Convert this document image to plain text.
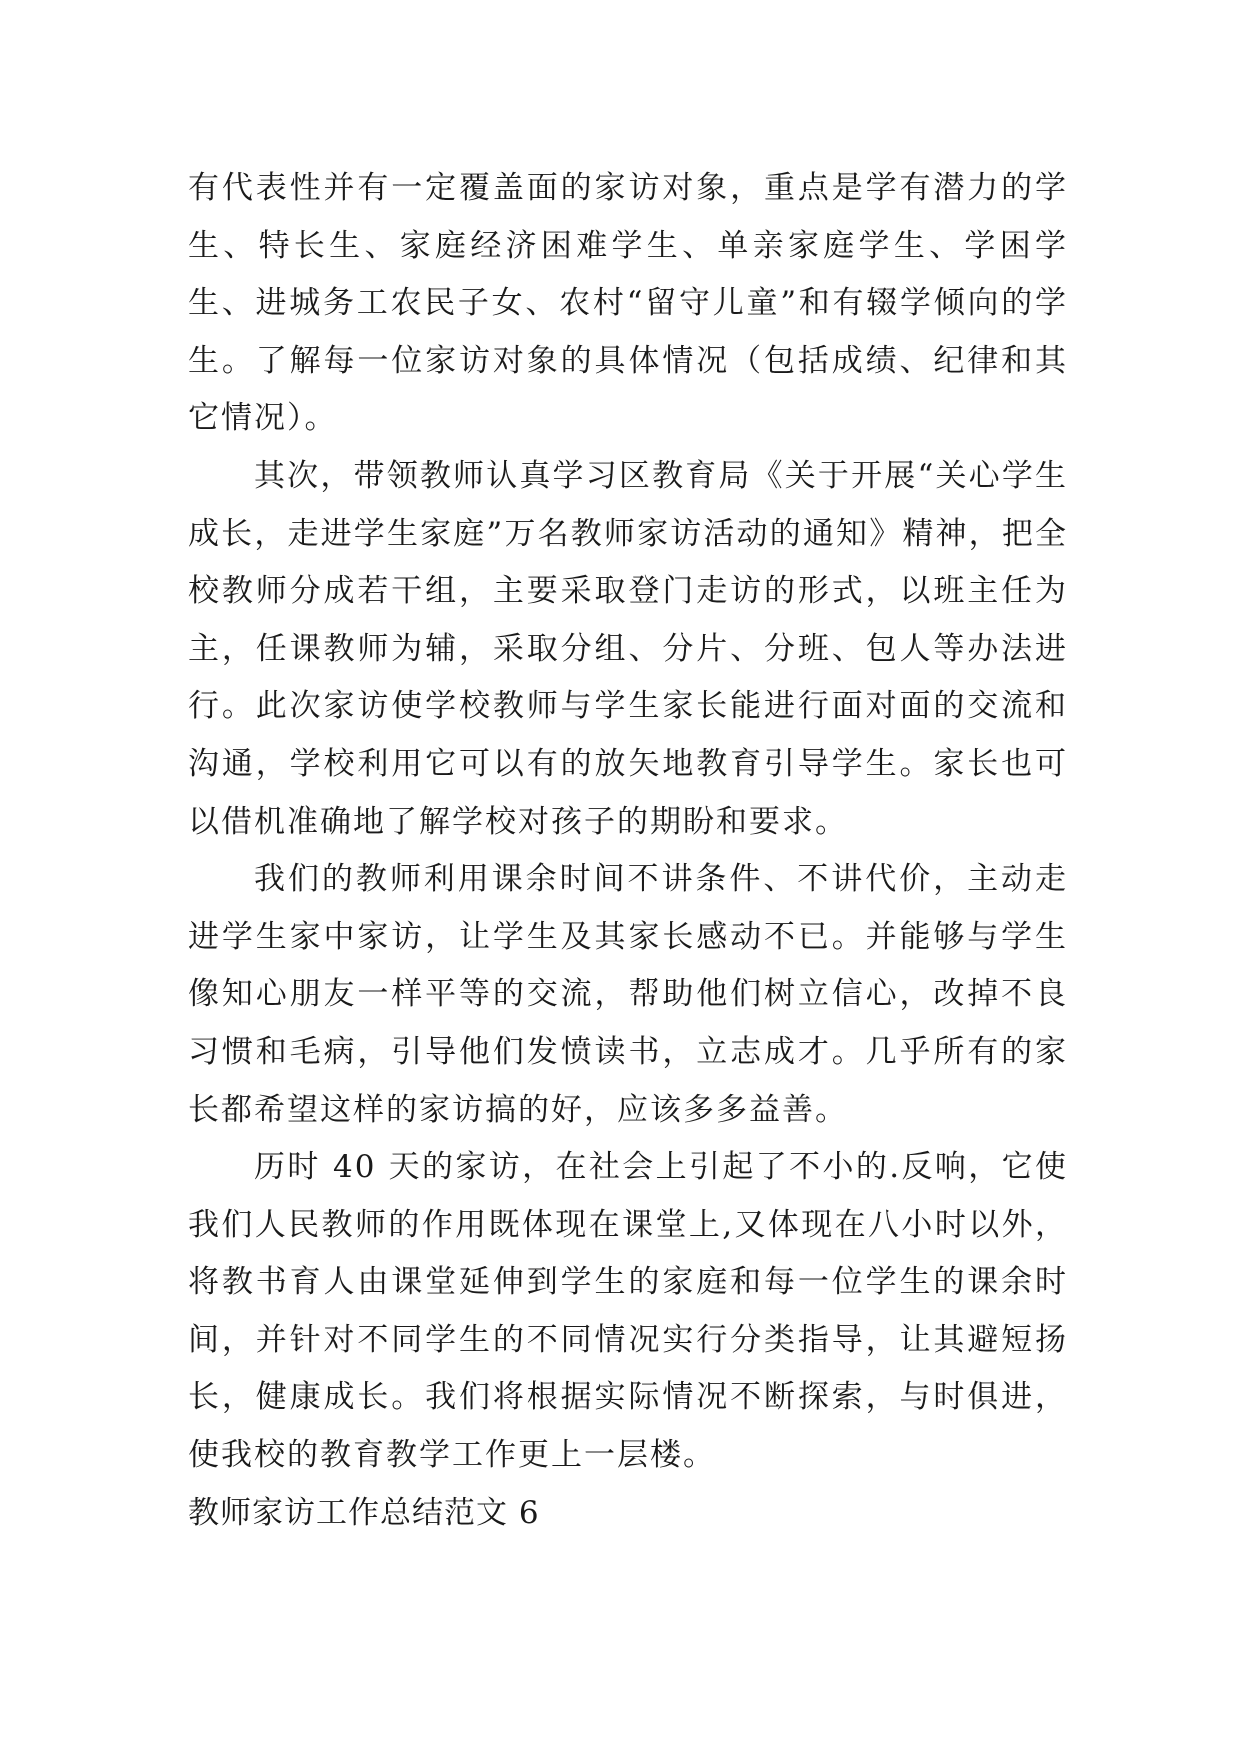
有代表性并有一定覆盖面的家访对象，重点是学有潜力的学生、特长生、家庭经济困难学生、单亲家庭学生、学困学生、进城务工农民子女、农村“留守儿童”和有辍学倾向的学生。了解每一位家访对象的具体情况（包括成绩、纪律和其它情况）。

其次，带领教师认真学习区教育局《关于开展“关心学生成长，走进学生家庭”万名教师家访活动的通知》精神，把全校教师分成若干组，主要采取登门走访的形式，以班主任为主，任课教师为辅，采取分组、分片、分班、包人等办法进行。此次家访使学校教师与学生家长能进行面对面的交流和沟通，学校利用它可以有的放矢地教育引导学生。家长也可以借机准确地了解学校对孩子的期盼和要求。

我们的教师利用课余时间不讲条件、不讲代价，主动走进学生家中家访，让学生及其家长感动不已。并能够与学生像知心朋友一样平等的交流，帮助他们树立信心，改掉不良习惯和毛病，引导他们发愤读书，立志成才。几乎所有的家长都希望这样的家访搞的好，应该多多益善。

历时 40 天的家访，在社会上引起了不小的.反响，它使我们人民教师的作用既体现在课堂上,又体现在八小时以外，将教书育人由课堂延伸到学生的家庭和每一位学生的课余时间，并针对不同学生的不同情况实行分类指导，让其避短扬长，健康成长。我们将根据实际情况不断探索，与时俱进，使我校的教育教学工作更上一层楼。

教师家访工作总结范文 6
